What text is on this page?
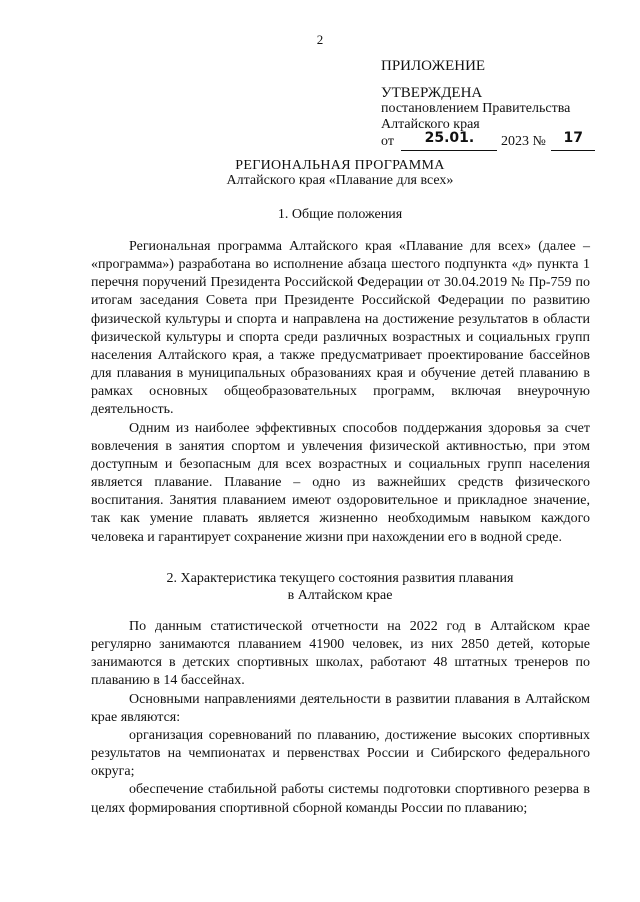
2
ПРИЛОЖЕНИЕ
УТВЕРЖДЕНА
постановлением Правительства
Алтайского края
от 25.01. 2023 № 17
РЕГИОНАЛЬНАЯ ПРОГРАММА
Алтайского края «Плавание для всех»
1. Общие положения

Региональная программа Алтайского края «Плавание для всех» (далее – «программа») разработана во исполнение абзаца шестого подпункта «д» пункта 1 перечня поручений Президента Российской Федерации от 30.04.2019 № Пр-759 по итогам заседания Совета при Президенте Российской Федерации по развитию физической культуры и спорта и направлена на достижение результатов в области физической культуры и спорта среди различных возрастных и социальных групп населения Алтайского края, а также предусматривает проектирование бассейнов для плавания в муниципальных образованиях края и обучение детей плаванию в рамках основных общеобразовательных программ, включая внеурочную деятельность.

Одним из наиболее эффективных способов поддержания здоровья за счет вовлечения в занятия спортом и увлечения физической активностью, при этом доступным и безопасным для всех возрастных и социальных групп населения является плавание. Плавание – одно из важнейших средств физического воспитания. Занятия плаванием имеют оздоровительное и прикладное значение, так как умение плавать является жизненно необходимым навыком каждого человека и гарантирует сохранение жизни при нахождении его в водной среде.

2. Характеристика текущего состояния развития плавания
в Алтайском крае

По данным статистической отчетности на 2022 год в Алтайском крае регулярно занимаются плаванием 41900 человек, из них 2850 детей, которые занимаются в детских спортивных школах, работают 48 штатных тренеров по плаванию в 14 бассейнах.

Основными направлениями деятельности в развитии плавания в Алтайском крае являются:

организация соревнований по плаванию, достижение высоких спортивных результатов на чемпионатах и первенствах России и Сибирского федерального округа;

обеспечение стабильной работы системы подготовки спортивного резерва в целях формирования спортивной сборной команды России по плаванию;
